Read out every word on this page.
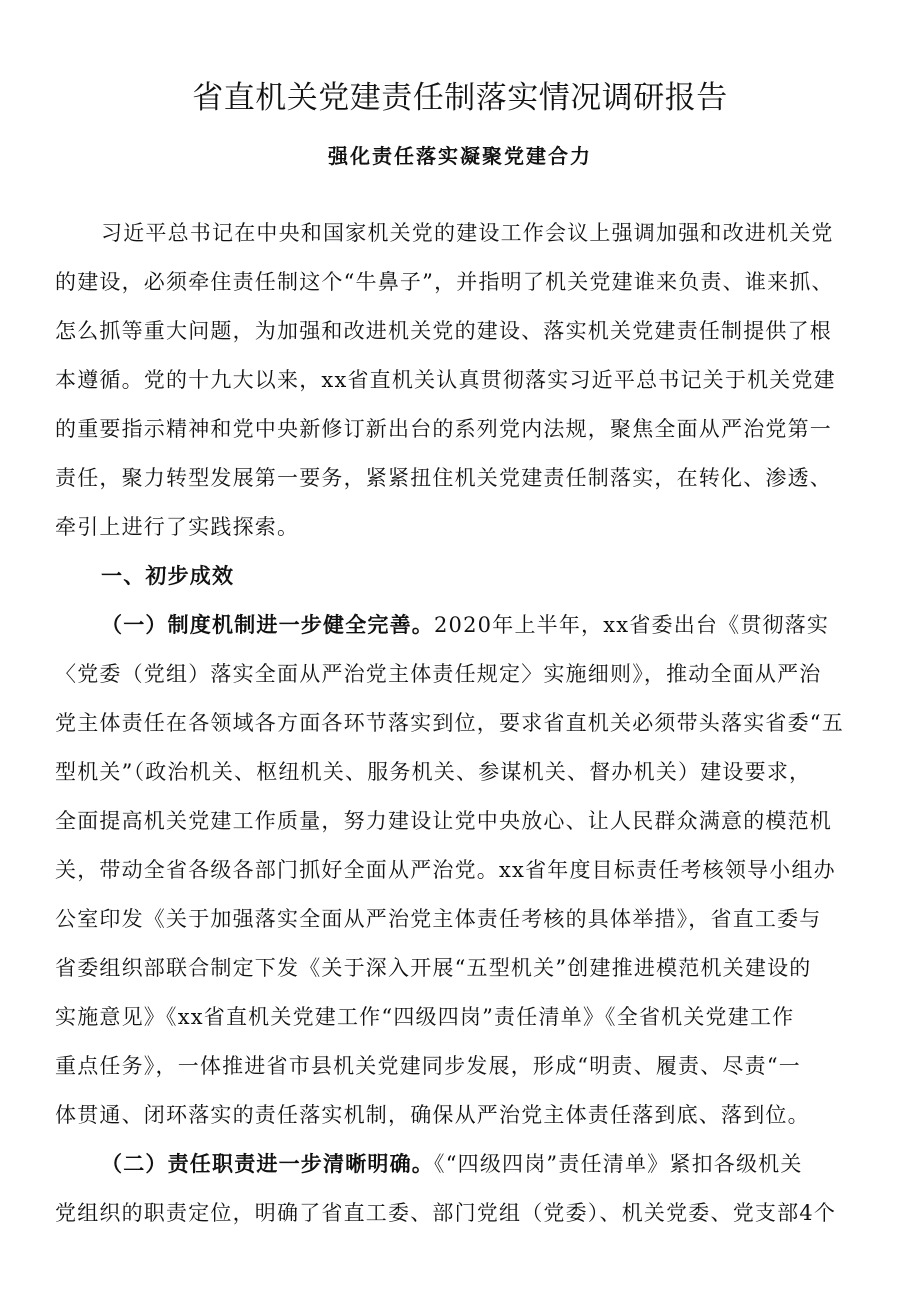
省直机关党建责任制落实情况调研报告
强化责任落实凝聚党建合力
习近平总书记在中央和国家机关党的建设工作会议上强调加强和改进机关党
的建设，必须牵住责任制这个“牛鼻子”，并指明了机关党建谁来负责、谁来抓、
怎么抓等重大问题，为加强和改进机关党的建设、落实机关党建责任制提供了根
本遵循。党的十九大以来，xx省直机关认真贯彻落实习近平总书记关于机关党建
的重要指示精神和党中央新修订新出台的系列党内法规，聚焦全面从严治党第一
责任，聚力转型发展第一要务，紧紧扭住机关党建责任制落实，在转化、渗透、
牵引上进行了实践探索。
一、初步成效
（一）制度机制进一步健全完善。2020年上半年，xx省委出台《贯彻落实
〈党委（党组）落实全面从严治党主体责任规定〉实施细则》，推动全面从严治
党主体责任在各领域各方面各环节落实到位，要求省直机关必须带头落实省委“五
型机关”（政治机关、枢纽机关、服务机关、参谋机关、督办机关）建设要求，
全面提高机关党建工作质量，努力建设让党中央放心、让人民群众满意的模范机
关，带动全省各级各部门抓好全面从严治党。xx省年度目标责任考核领导小组办
公室印发《关于加强落实全面从严治党主体责任考核的具体举措》，省直工委与
省委组织部联合制定下发《关于深入开展“五型机关”创建推进模范机关建设的
实施意见》《xx省直机关党建工作“四级四岗”责任清单》《全省机关党建工作
重点任务》，一体推进省市县机关党建同步发展，形成“明责、履责、尽责“一
体贯通、闭环落实的责任落实机制，确保从严治党主体责任落到底、落到位。
（二）责任职责进一步清晰明确。《“四级四岗”责任清单》紧扣各级机关
党组织的职责定位，明确了省直工委、部门党组（党委）、机关党委、党支部4个
